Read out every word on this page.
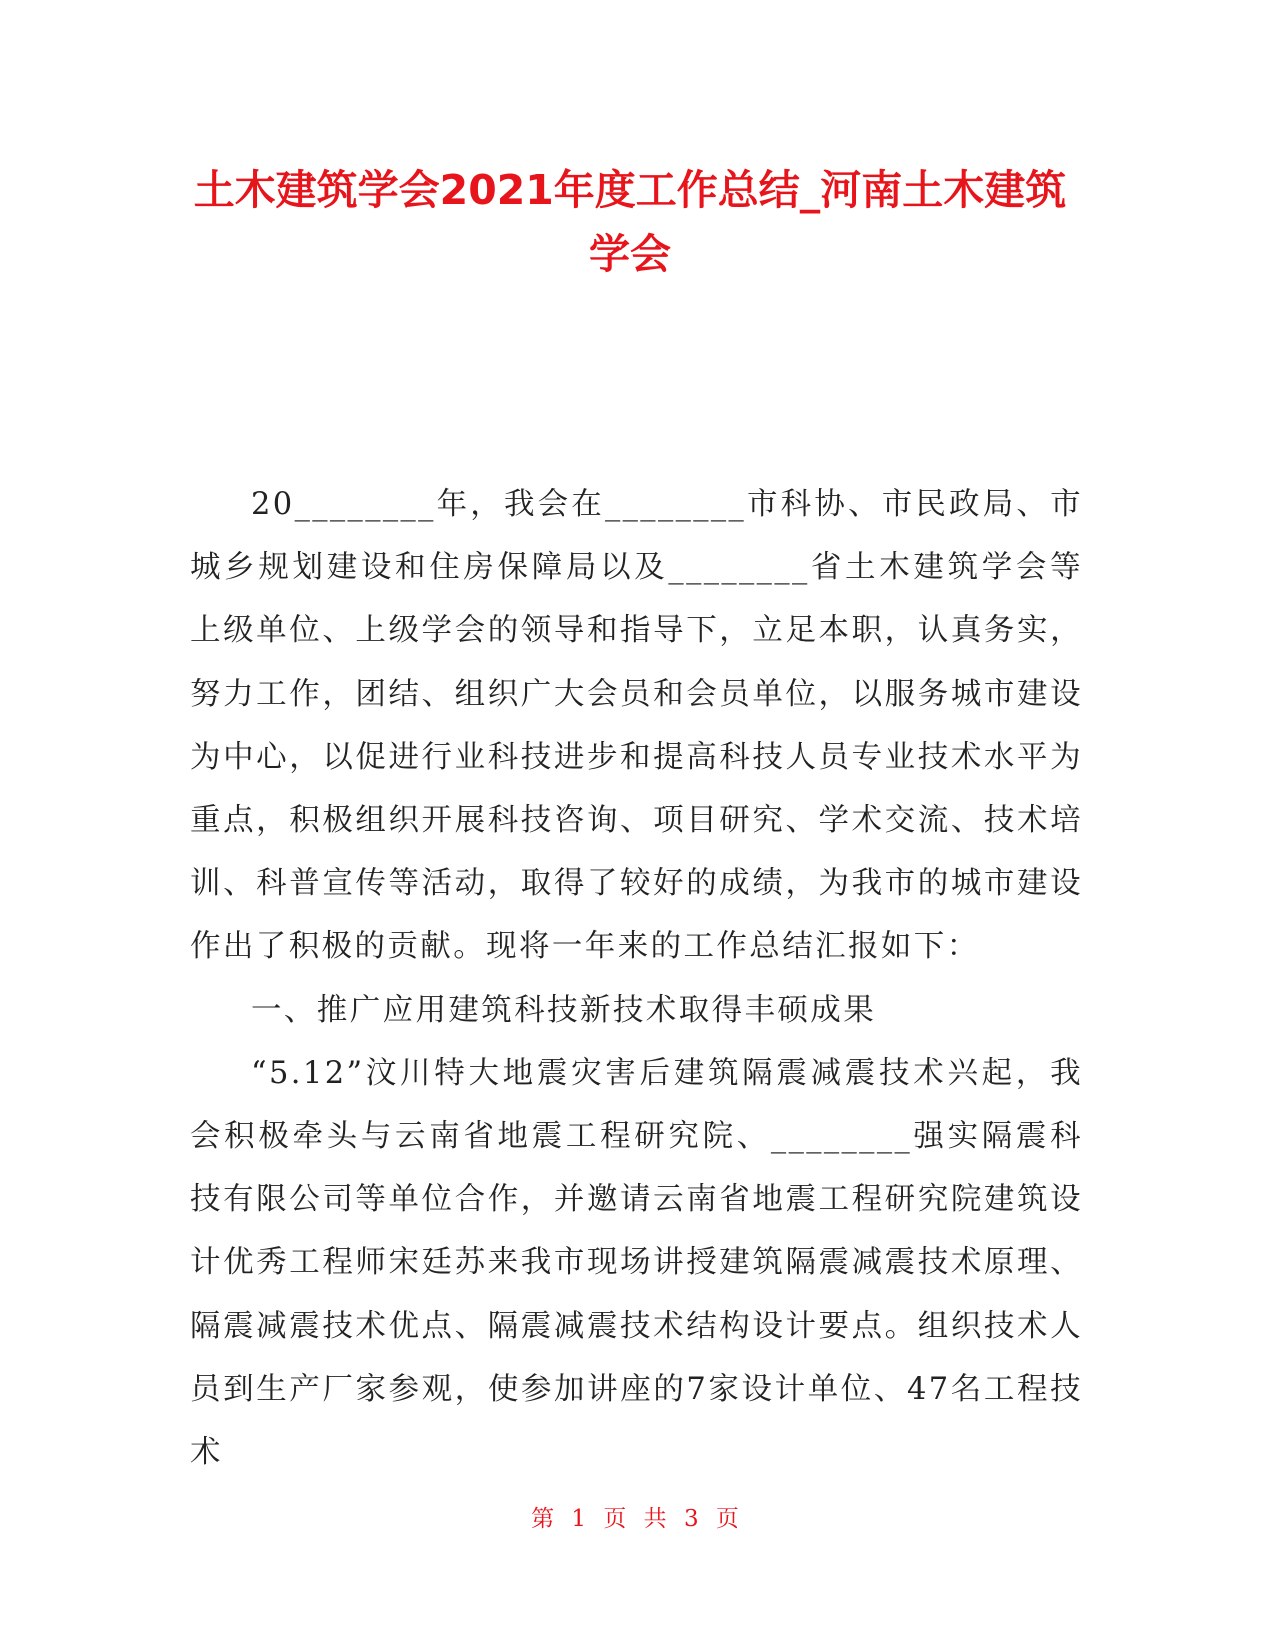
土木建筑学会2021年度工作总结_河南土木建筑学会

20________年，我会在________市科协、市民政局、市城乡规划建设和住房保障局以及________省土木建筑学会等上级单位、上级学会的领导和指导下，立足本职，认真务实，努力工作，团结、组织广大会员和会员单位，以服务城市建设为中心，以促进行业科技进步和提高科技人员专业技术水平为重点，积极组织开展科技咨询、项目研究、学术交流、技术培训、科普宣传等活动，取得了较好的成绩，为我市的城市建设作出了积极的贡献。现将一年来的工作总结汇报如下：

一、推广应用建筑科技新技术取得丰硕成果

“5.12”汶川特大地震灾害后建筑隔震减震技术兴起，我会积极牵头与云南省地震工程研究院、________强实隔震科技有限公司等单位合作，并邀请云南省地震工程研究院建筑设计优秀工程师宋廷苏来我市现场讲授建筑隔震减震技术原理、隔震减震技术优点、隔震减震技术结构设计要点。组织技术人员到生产厂家参观，使参加讲座的7家设计单位、47名工程技术

第 1 页 共 3 页
